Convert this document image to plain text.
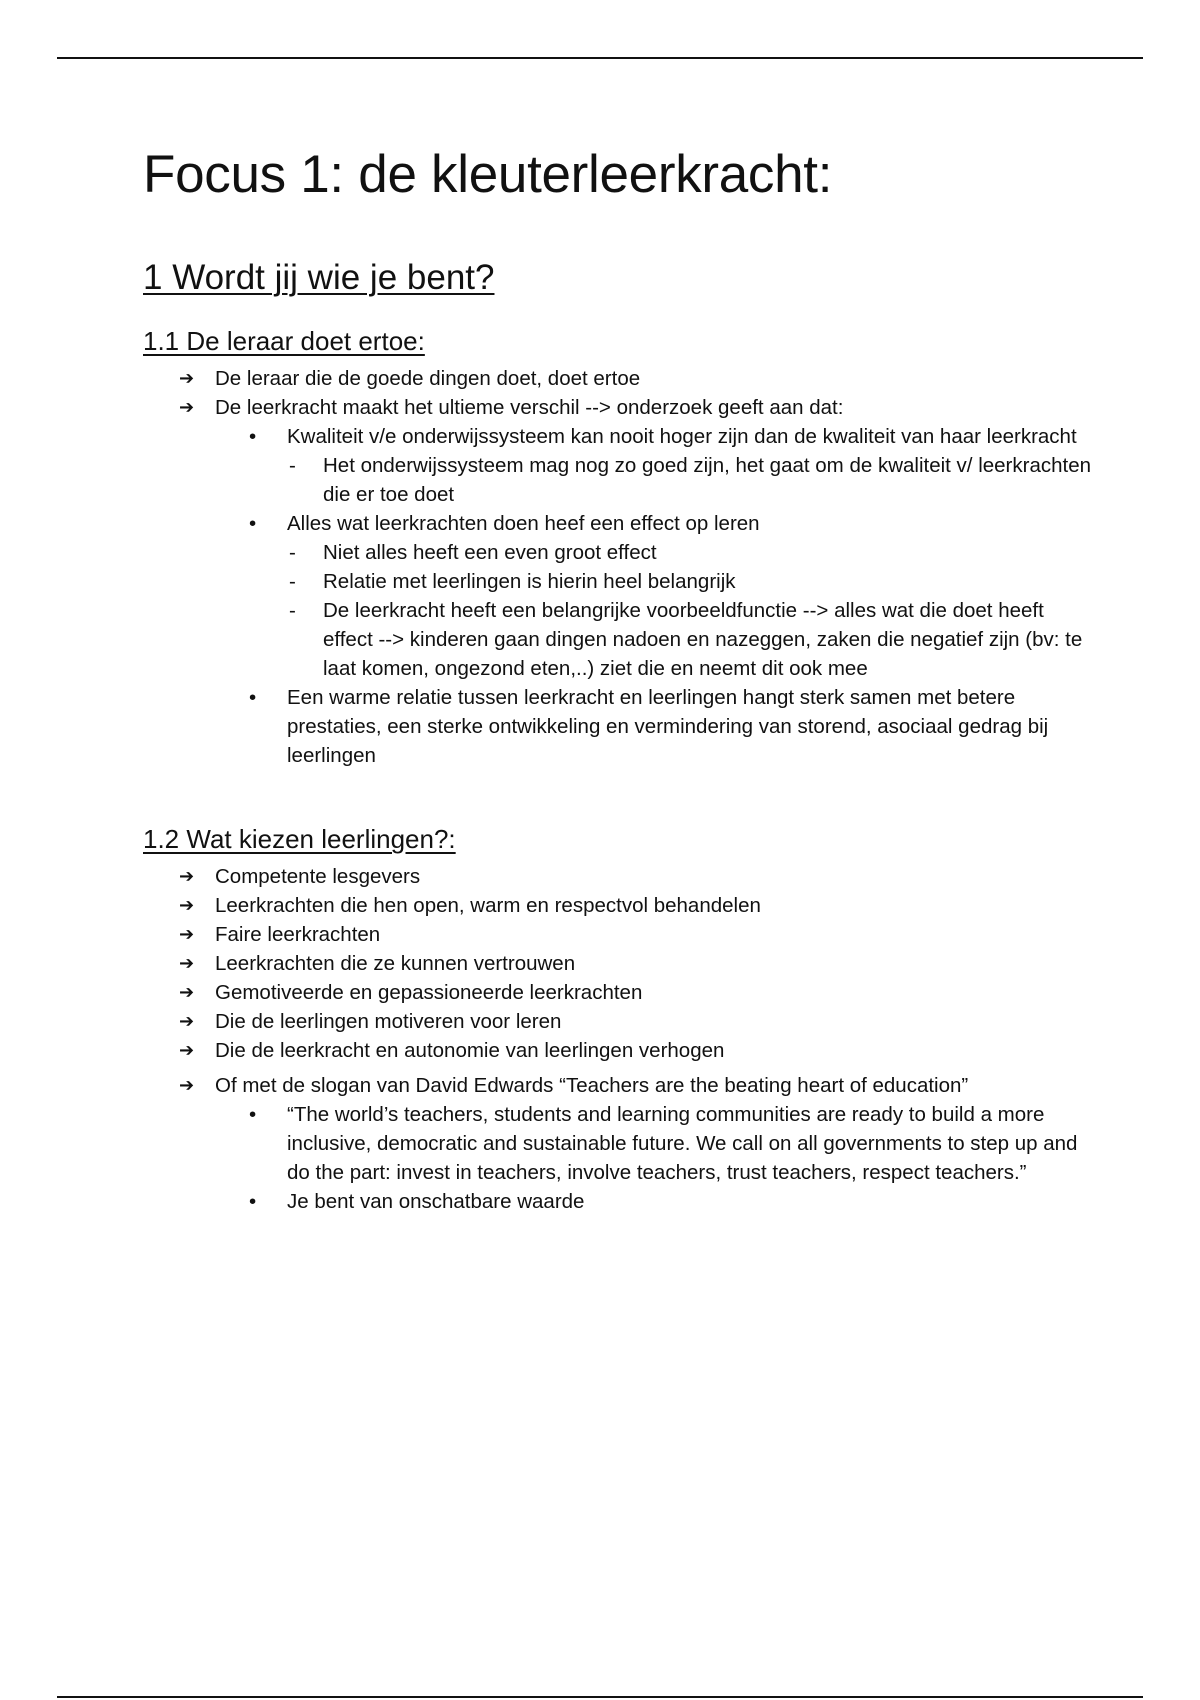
Focus 1: de kleuterleerkracht:
1 Wordt jij wie je bent?
1.1 De leraar doet ertoe:
➔ De leraar die de goede dingen doet, doet ertoe
➔ De leerkracht maakt het ultieme verschil --> onderzoek geeft aan dat:
• Kwaliteit v/e onderwijssysteem kan nooit hoger zijn dan de kwaliteit van haar leerkracht
- Het onderwijssysteem mag nog zo goed zijn, het gaat om de kwaliteit v/ leerkrachten die er toe doet
• Alles wat leerkrachten doen heef een effect op leren
- Niet alles heeft een even groot effect
- Relatie met leerlingen is hierin heel belangrijk
- De leerkracht heeft een belangrijke voorbeeldfunctie --> alles wat die doet heeft effect --> kinderen gaan dingen nadoen en nazeggen, zaken die negatief zijn (bv: te laat komen, ongezond eten,..) ziet die en neemt dit ook mee
• Een warme relatie tussen leerkracht en leerlingen hangt sterk samen met betere prestaties, een sterke ontwikkeling en vermindering van storend, asociaal gedrag bij leerlingen
1.2 Wat kiezen leerlingen?:
➔ Competente lesgevers
➔ Leerkrachten die hen open, warm en respectvol behandelen
➔ Faire leerkrachten
➔ Leerkrachten die ze kunnen vertrouwen
➔ Gemotiveerde en gepassioneerde leerkrachten
➔ Die de leerlingen motiveren voor leren
➔ Die de leerkracht en autonomie van leerlingen verhogen
➔ Of met de slogan van David Edwards “Teachers are the beating heart of education”
• “The world’s teachers, students and learning communities are ready to build a more inclusive, democratic and sustainable future. We call on all governments to step up and do the part: invest in teachers, involve teachers, trust teachers, respect teachers.”
• Je bent van onschatbare waarde
